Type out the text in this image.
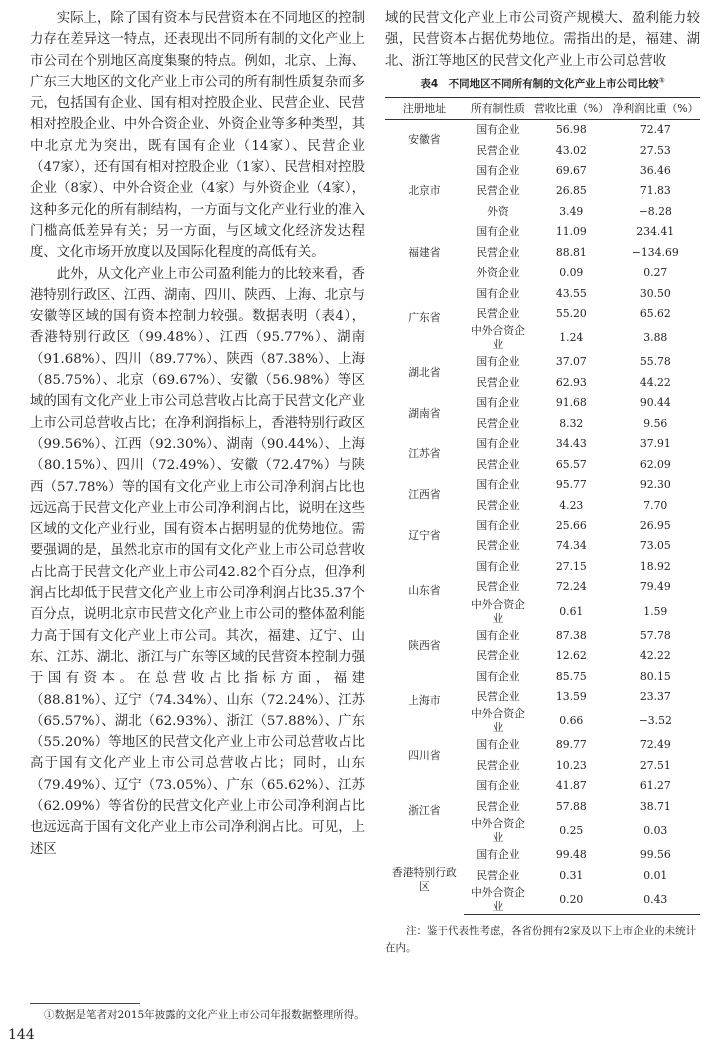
实际上，除了国有资本与民营资本在不同地区的控制力存在差异这一特点，还表现出不同所有制的文化产业上市公司在个别地区高度集聚的特点。例如，北京、上海、广东三大地区的文化产业上市公司的所有制性质复杂而多元，包括国有企业、国有相对控股企业、民营企业、民营相对控股企业、中外合资企业、外资企业等多种类型，其中北京尤为突出，既有国有企业（14家）、民营企业（47家），还有国有相对控股企业（1家）、民营相对控股企业（8家）、中外合资企业（4家）与外资企业（4家），这种多元化的所有制结构，一方面与文化产业行业的准入门槛高低差异有关；另一方面，与区域文化经济发达程度、文化市场开放度以及国际化程度的高低有关。

此外，从文化产业上市公司盈利能力的比较来看，香港特别行政区、江西、湖南、四川、陕西、上海、北京与安徽等区域的国有资本控制力较强。数据表明（表4），香港特别行政区（99.48%）、江西（95.77%）、湖南（91.68%）、四川（89.77%）、陕西（87.38%）、上海（85.75%）、北京（69.67%）、安徽（56.98%）等区域的国有文化产业上市公司总营收占比高于民营文化产业上市公司总营收占比；在净利润指标上，香港特别行政区（99.56%）、江西（92.30%）、湖南（90.44%）、上海（80.15%）、四川（72.49%）、安徽（72.47%）与陕西（57.78%）等的国有文化产业上市公司净利润占比也远远高于民营文化产业上市公司净利润占比，说明在这些区域的文化产业行业，国有资本占据明显的优势地位。需要强调的是，虽然北京市的国有文化产业上市公司总营收占比高于民营文化产业上市公司42.82个百分点，但净利润占比却低于民营文化产业上市公司净利润占比35.37个百分点，说明北京市民营文化产业上市公司的整体盈利能力高于国有文化产业上市公司。其次，福建、辽宁、山东、江苏、湖北、浙江与广东等区域的民营资本控制力强于国有资本。在总营收占比指标方面，福建（88.81%）、辽宁（74.34%）、山东（72.24%）、江苏（65.57%）、湖北（62.93%）、浙江（57.88%）、广东（55.20%）等地区的民营文化产业上市公司总营收占比高于国有文化产业上市公司总营收占比；同时，山东（79.49%）、辽宁（73.05%）、广东（65.62%）、江苏（62.09%）等省份的民营文化产业上市公司净利润占比也远远高于国有文化产业上市公司净利润占比。可见，上述区

域的民营文化产业上市公司资产规模大、盈利能力较强，民营资本占据优势地位。需指出的是，福建、湖北、浙江等地区的民营文化产业上市公司总营收

表4　不同地区不同所有制的文化产业上市公司比较①
注册地址	所有制性质	营收比重（%）	净利润比重（%）
安徽省	国有企业	56.98	72.47
	民营企业	43.02	27.53
北京市	国有企业	69.67	36.46
	民营企业	26.85	71.83
	外资	3.49	−8.28
福建省	国有企业	11.09	234.41
	民营企业	88.81	−134.69
	外资企业	0.09	0.27
广东省	国有企业	43.55	30.50
	民营企业	55.20	65.62
	中外合资企业	1.24	3.88
湖北省	国有企业	37.07	55.78
	民营企业	62.93	44.22
湖南省	国有企业	91.68	90.44
	民营企业	8.32	9.56
江苏省	国有企业	34.43	37.91
	民营企业	65.57	62.09
江西省	国有企业	95.77	92.30
	民营企业	4.23	7.70
辽宁省	国有企业	25.66	26.95
	民营企业	74.34	73.05
山东省	国有企业	27.15	18.92
	民营企业	72.24	79.49
	中外合资企业	0.61	1.59
陕西省	国有企业	87.38	57.78
	民营企业	12.62	42.22
上海市	国有企业	85.75	80.15
	民营企业	13.59	23.37
	中外合资企业	0.66	−3.52
四川省	国有企业	89.77	72.49
	民营企业	10.23	27.51
浙江省	国有企业	41.87	61.27
	民营企业	57.88	38.71
	中外合资企业	0.25	0.03
香港特别行政区	国有企业	99.48	99.56
	民营企业	0.31	0.01
	中外合资企业	0.20	0.43
注：鉴于代表性考虑，各省份拥有2家及以下上市企业的未统计在内。
①数据是笔者对2015年披露的文化产业上市公司年报数据整理所得。
144
